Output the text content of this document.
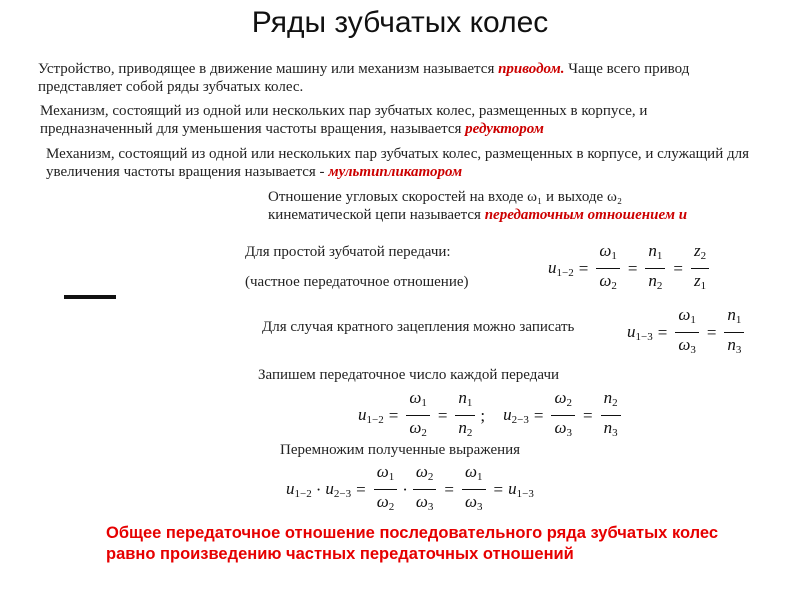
Ряды зубчатых колес
Устройство, приводящее в движение машину или механизм называется приводом. Чаще всего привод представляет собой ряды зубчатых колес.
Механизм, состоящий из одной или нескольких пар зубчатых колес, размещенных в корпусе, и предназначенный для уменьшения частоты вращения, называется редуктором
Механизм, состоящий из одной или нескольких пар зубчатых колес, размещенных в корпусе, и служащий для увеличения частоты вращения называется - мультипликатором
Отношение угловых скоростей на входе ω₁ и выходе ω₂
кинематической цепи называется передаточным отношением и
Для простой зубчатой передачи:
(частное передаточное отношение)
$u_{1-2} = \frac{\omega_1}{\omega_2} = \frac{n_1}{n_2} = \frac{z_2}{z_1}$
Для случая кратного зацепления можно записать	$u_{1-3} = \frac{\omega_1}{\omega_3} = \frac{n_1}{n_3}$
Запишем передаточное число каждой передачи
$u_{1-2} = \frac{\omega_1}{\omega_2} = \frac{n_1}{n_2}$ ; $u_{2-3} = \frac{\omega_2}{\omega_3} = \frac{n_2}{n_3}$
Перемножим полученные выражения
$u_{1-2} \cdot u_{2-3} = \frac{\omega_1}{\omega_2} \cdot \frac{\omega_2}{\omega_3} = \frac{\omega_1}{\omega_3} = u_{1-3}$
Общее передаточное отношение последовательного ряда зубчатых колес равно произведению частных передаточных отношений
